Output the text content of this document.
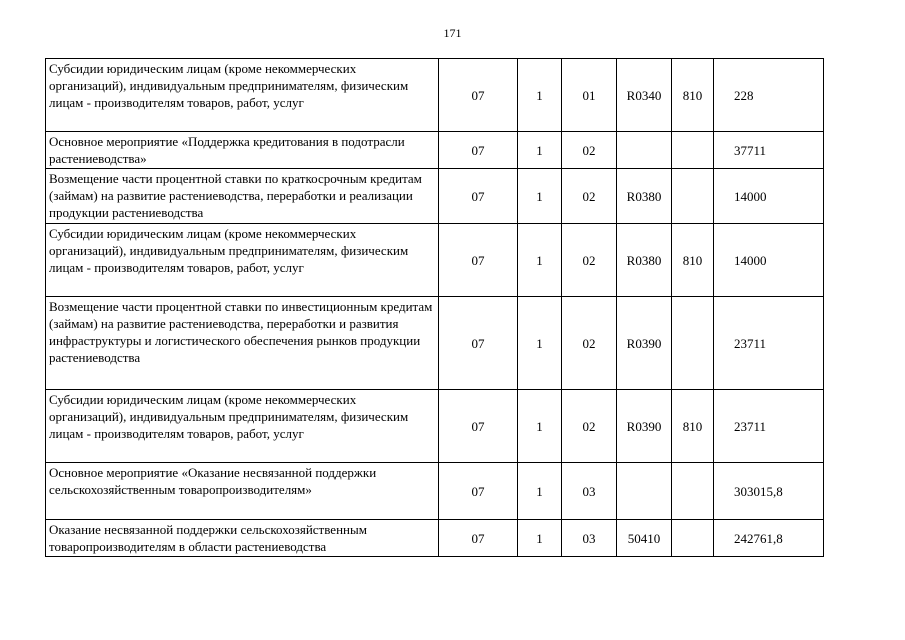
171
Субсидии юридическим лицам (кроме некоммерческих организаций), индивидуальным предпринимателям, физическим лицам - производителям товаров, работ, услуг	07	1	01	R0340	810	228
Основное мероприятие «Поддержка кредитования в подотрасли растениеводства»	07	1	02			37711
Возмещение части процентной ставки по краткосрочным кредитам (займам) на развитие растениеводства, переработки и реализации продукции растениеводства	07	1	02	R0380		14000
Субсидии юридическим лицам (кроме некоммерческих организаций), индивидуальным предпринимателям, физическим лицам - производителям товаров, работ, услуг	07	1	02	R0380	810	14000
Возмещение части процентной ставки по инвестиционным кредитам (займам) на развитие растениеводства, переработки и развития инфраструктуры и логистического обеспечения рынков продукции растениеводства	07	1	02	R0390		23711
Субсидии юридическим лицам (кроме некоммерческих организаций), индивидуальным предпринимателям, физическим лицам - производителям товаров, работ, услуг	07	1	02	R0390	810	23711
Основное мероприятие «Оказание несвязанной поддержки сельскохозяйственным товаропроизводителям»	07	1	03			303015,8
Оказание несвязанной поддержки сельскохозяйственным товаропроизводителям в области растениеводства	07	1	03	50410		242761,8
